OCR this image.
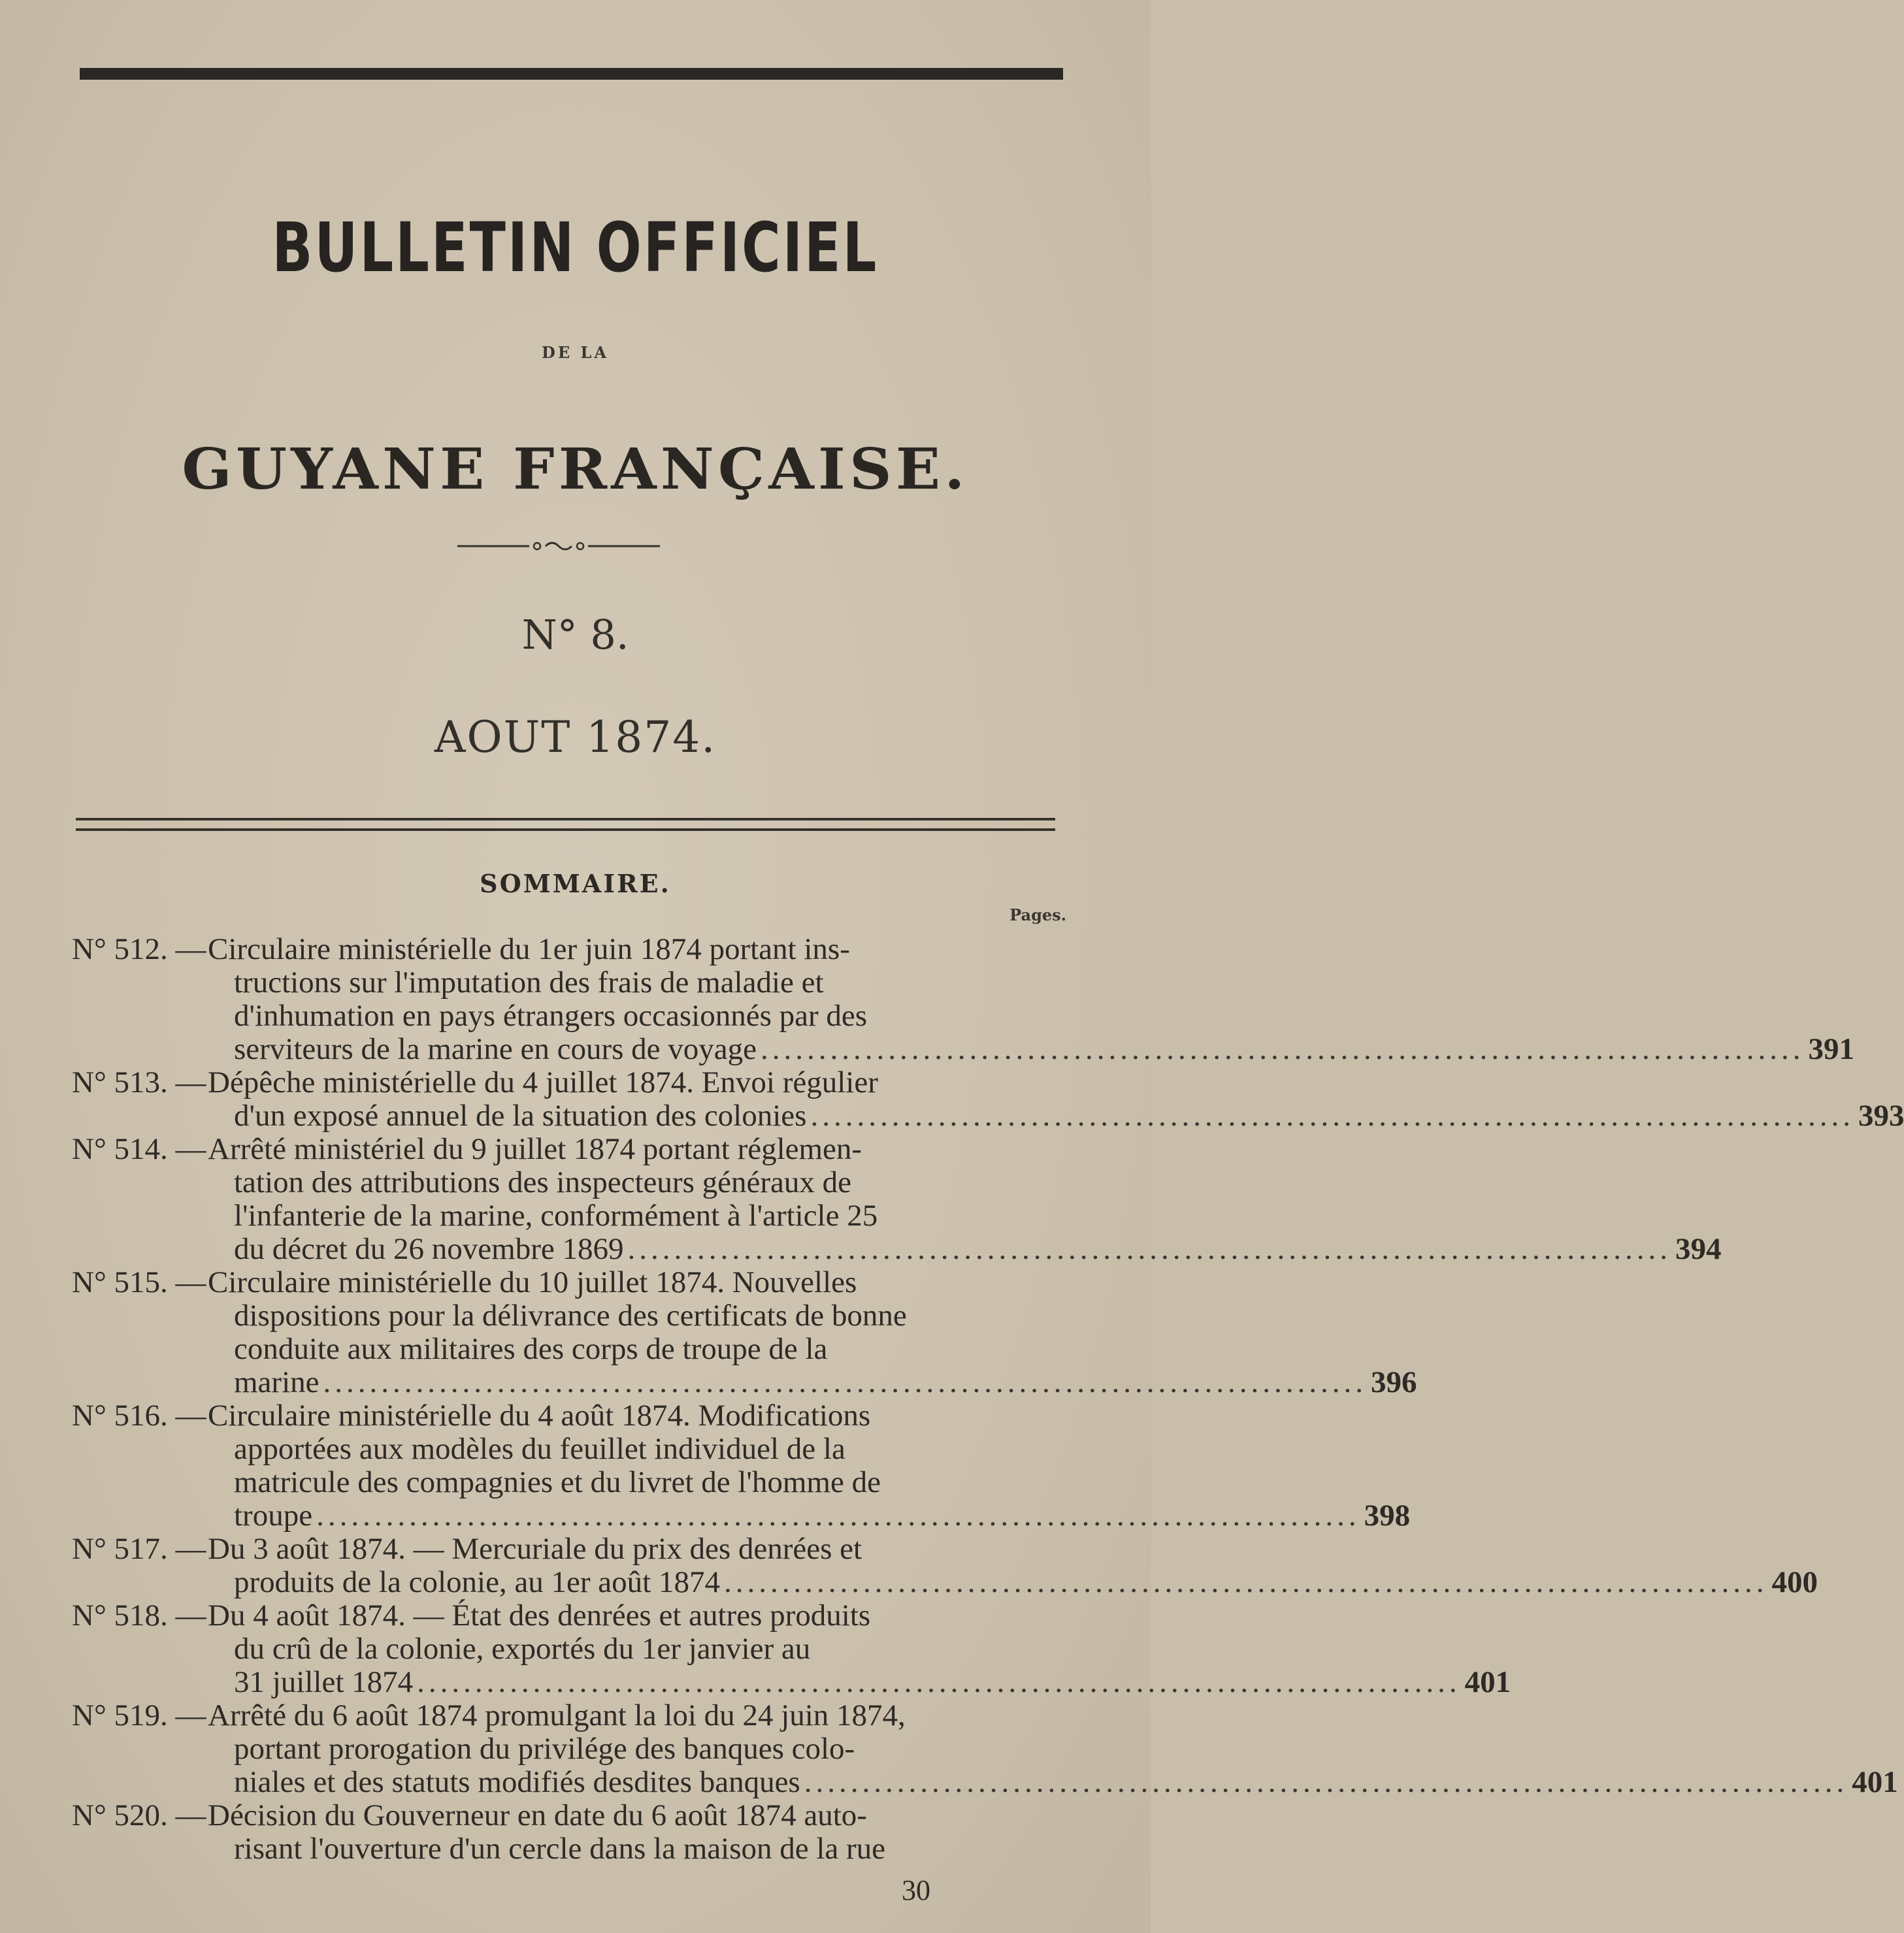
BULLETIN OFFICIEL
DE LA
GUYANE FRANÇAISE.
N° 8.
AOUT 1874.
SOMMAIRE.
Pages.
N° 512. — Circulaire ministérielle du 1er juin 1874 portant ins-
tructions sur l'imputation des frais de maladie et
d'inhumation en pays étrangers occasionnés par des
serviteurs de la marine en cours de voyage .......................................................................................... 391
N° 513. — Dépêche ministérielle du 4 juillet 1874. Envoi régulier
d'un exposé annuel de la situation des colonies .......................................................................................... 393
N° 514. — Arrêté ministériel du 9 juillet 1874 portant réglemen-
tation des attributions des inspecteurs généraux de
l'infanterie de la marine, conformément à l'article 25
du décret du 26 novembre 1869 .......................................................................................... 394
N° 515. — Circulaire ministérielle du 10 juillet 1874. Nouvelles
dispositions pour la délivrance des certificats de bonne
conduite aux militaires des corps de troupe de la
marine .......................................................................................... 396
N° 516. — Circulaire ministérielle du 4 août 1874. Modifications
apportées aux modèles du feuillet individuel de la
matricule des compagnies et du livret de l'homme de
troupe .......................................................................................... 398
N° 517. — Du 3 août 1874. — Mercuriale du prix des denrées et
produits de la colonie, au 1er août 1874 .......................................................................................... 400
N° 518. — Du 4 août 1874. — État des denrées et autres produits
du crû de la colonie, exportés du 1er janvier au
31 juillet 1874 .......................................................................................... 401
N° 519. — Arrêté du 6 août 1874 promulgant la loi du 24 juin 1874,
portant prorogation du privilége des banques colo-
niales et des statuts modifiés desdites banques .......................................................................................... 401
N° 520. — Décision du Gouverneur en date du 6 août 1874 auto-
risant l'ouverture d'un cercle dans la maison de la rue
30
